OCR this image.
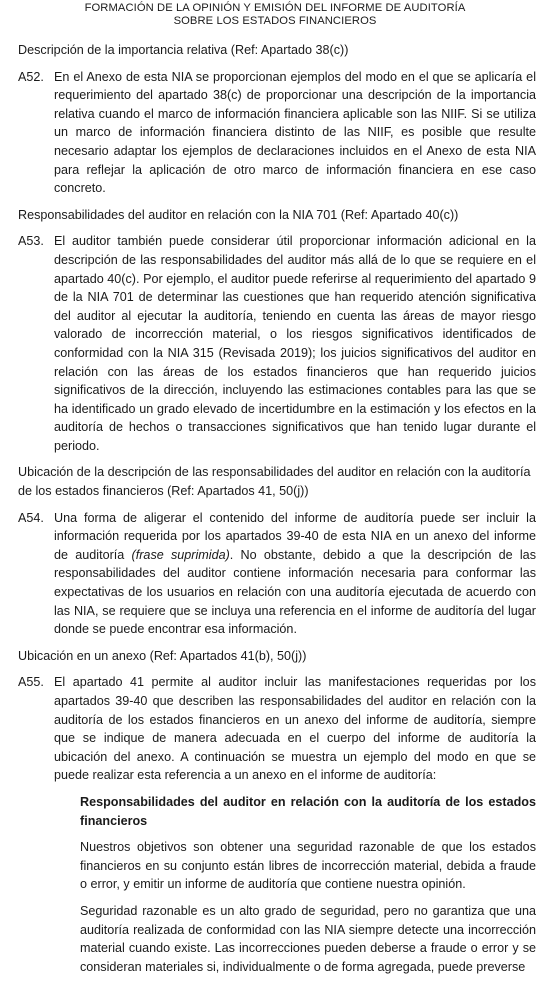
FORMACIÓN DE LA OPINIÓN Y EMISIÓN DEL INFORME DE AUDITORÍA
SOBRE LOS ESTADOS FINANCIEROS
Descripción de la importancia relativa (Ref: Apartado 38(c))
A52. En el Anexo de esta NIA se proporcionan ejemplos del modo en el que se aplicaría el requerimiento del apartado 38(c) de proporcionar una descripción de la importancia relativa cuando el marco de información financiera aplicable son las NIIF. Si se utiliza un marco de información financiera distinto de las NIIF, es posible que resulte necesario adaptar los ejemplos de declaraciones incluidos en el Anexo de esta NIA para reflejar la aplicación de otro marco de información financiera en ese caso concreto.
Responsabilidades del auditor en relación con la NIA 701 (Ref: Apartado 40(c))
A53. El auditor también puede considerar útil proporcionar información adicional en la descripción de las responsabilidades del auditor más allá de lo que se requiere en el apartado 40(c). Por ejemplo, el auditor puede referirse al requerimiento del apartado 9 de la NIA 701 de determinar las cuestiones que han requerido atención significativa del auditor al ejecutar la auditoría, teniendo en cuenta las áreas de mayor riesgo valorado de incorrección material, o los riesgos significativos identificados de conformidad con la NIA 315 (Revisada 2019); los juicios significativos del auditor en relación con las áreas de los estados financieros que han requerido juicios significativos de la dirección, incluyendo las estimaciones contables para las que se ha identificado un grado elevado de incertidumbre en la estimación y los efectos en la auditoría de hechos o transacciones significativos que han tenido lugar durante el periodo.
Ubicación de la descripción de las responsabilidades del auditor en relación con la auditoría de los estados financieros (Ref: Apartados 41, 50(j))
A54. Una forma de aligerar el contenido del informe de auditoría puede ser incluir la información requerida por los apartados 39-40 de esta NIA en un anexo del informe de auditoría (frase suprimida). No obstante, debido a que la descripción de las responsabilidades del auditor contiene información necesaria para conformar las expectativas de los usuarios en relación con una auditoría ejecutada de acuerdo con las NIA, se requiere que se incluya una referencia en el informe de auditoría del lugar donde se puede encontrar esa información.
Ubicación en un anexo (Ref: Apartados 41(b), 50(j))
A55. El apartado 41 permite al auditor incluir las manifestaciones requeridas por los apartados 39-40 que describen las responsabilidades del auditor en relación con la auditoría de los estados financieros en un anexo del informe de auditoría, siempre que se indique de manera adecuada en el cuerpo del informe de auditoría la ubicación del anexo. A continuación se muestra un ejemplo del modo en que se puede realizar esta referencia a un anexo en el informe de auditoría:
Responsabilidades del auditor en relación con la auditoría de los estados financieros
Nuestros objetivos son obtener una seguridad razonable de que los estados financieros en su conjunto están libres de incorrección material, debida a fraude o error, y emitir un informe de auditoría que contiene nuestra opinión.
Seguridad razonable es un alto grado de seguridad, pero no garantiza que una auditoría realizada de conformidad con las NIA siempre detecte una incorrección material cuando existe. Las incorrecciones pueden deberse a fraude o error y se consideran materiales si, individualmente o de forma agregada, puede preverse
